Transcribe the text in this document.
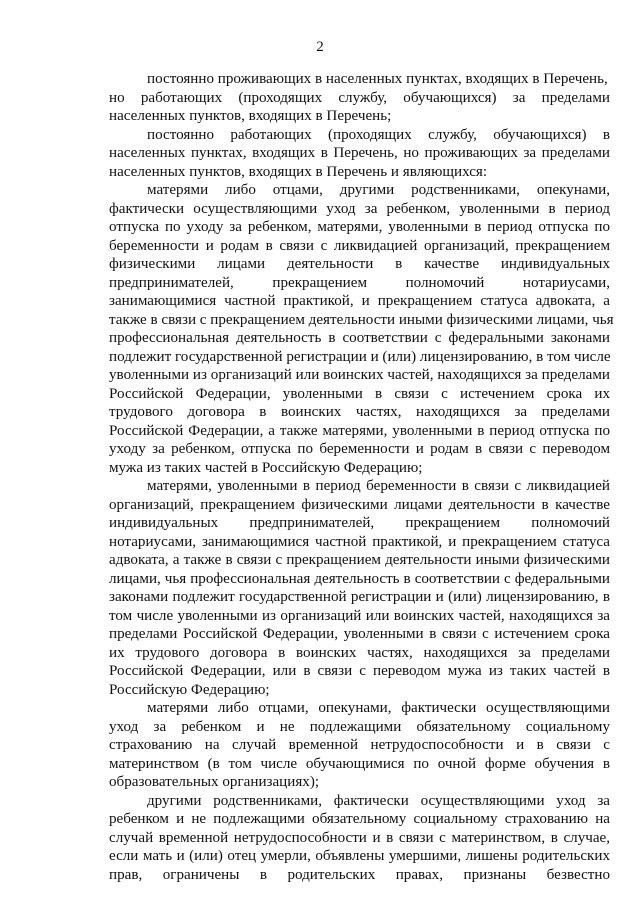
2
постоянно проживающих в населенных пунктах, входящих в Перечень,
но работающих (проходящих службу, обучающихся) за пределами
населенных пунктов, входящих в Перечень;
постоянно работающих (проходящих службу, обучающихся) в
населенных пунктах, входящих в Перечень, но проживающих за пределами
населенных пунктов, входящих в Перечень и являющихся:
матерями либо отцами, другими родственниками, опекунами,
фактически осуществляющими уход за ребенком, уволенными в период
отпуска по уходу за ребенком, матерями, уволенными в период отпуска по
беременности и родам в связи с ликвидацией организаций, прекращением
физическими лицами деятельности в качестве индивидуальных
предпринимателей, прекращением полномочий нотариусами,
занимающимися частной практикой, и прекращением статуса адвоката, а
также в связи с прекращением деятельности иными физическими лицами, чья
профессиональная деятельность в соответствии с федеральными законами
подлежит государственной регистрации и (или) лицензированию, в том числе
уволенными из организаций или воинских частей, находящихся за пределами
Российской Федерации, уволенными в связи с истечением срока их
трудового договора в воинских частях, находящихся за пределами
Российской Федерации, а также матерями, уволенными в период отпуска по
уходу за ребенком, отпуска по беременности и родам в связи с переводом
мужа из таких частей в Российскую Федерацию;
матерями, уволенными в период беременности в связи с ликвидацией
организаций, прекращением физическими лицами деятельности в качестве
индивидуальных предпринимателей, прекращением полномочий
нотариусами, занимающимися частной практикой, и прекращением статуса
адвоката, а также в связи с прекращением деятельности иными физическими
лицами, чья профессиональная деятельность в соответствии с федеральными
законами подлежит государственной регистрации и (или) лицензированию, в
том числе уволенными из организаций или воинских частей, находящихся за
пределами Российской Федерации, уволенными в связи с истечением срока
их трудового договора в воинских частях, находящихся за пределами
Российской Федерации, или в связи с переводом мужа из таких частей в
Российскую Федерацию;
матерями либо отцами, опекунами, фактически осуществляющими
уход за ребенком и не подлежащими обязательному социальному
страхованию на случай временной нетрудоспособности и в связи с
материнством (в том числе обучающимися по очной форме обучения в
образовательных организациях);
другими родственниками, фактически осуществляющими уход за
ребенком и не подлежащими обязательному социальному страхованию на
случай временной нетрудоспособности и в связи с материнством, в случае,
если мать и (или) отец умерли, объявлены умершими, лишены родительских
прав, ограничены в родительских правах, признаны безвестно
